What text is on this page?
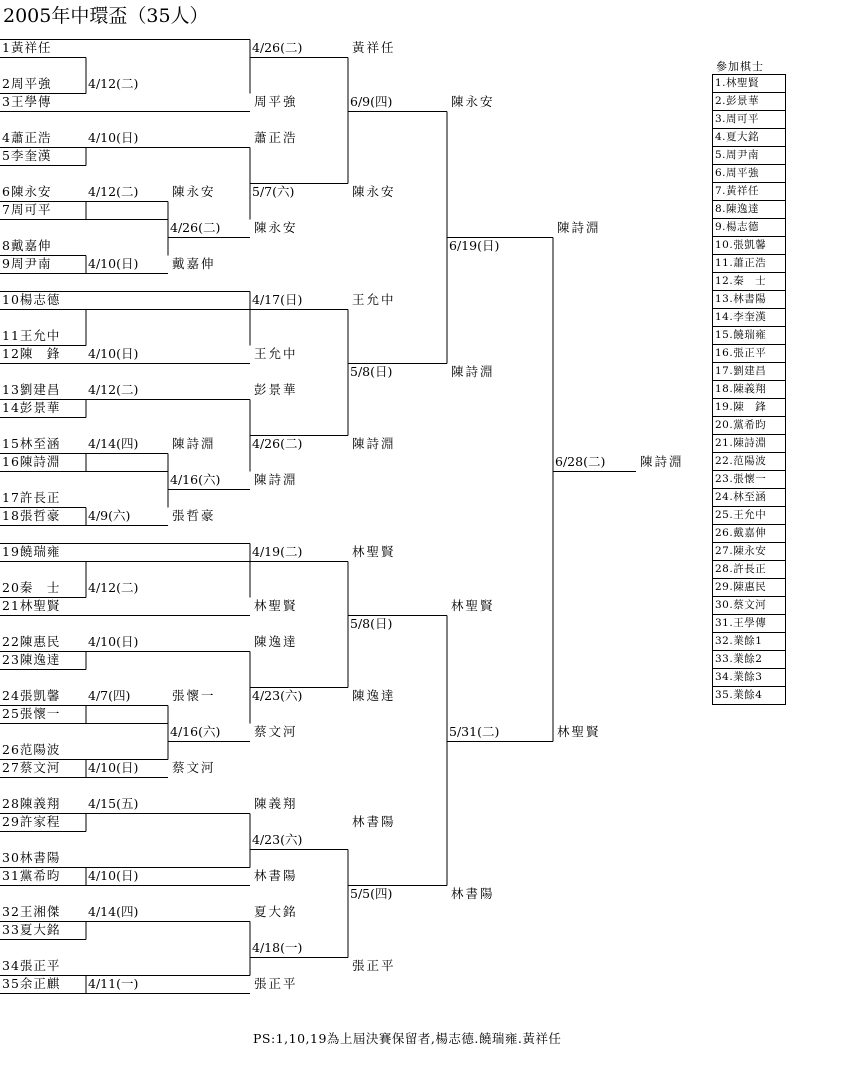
2005年中環盃（35人）
1黃祥任
2周平強
3王學傳
4蕭正浩
5李奎漢
6陳永安
7周可平
8戴嘉伸
9周尹南
10楊志德
11王允中
12陳　鋒
13劉建昌
14彭景華
15林至涵
16陳詩淵
17許長正
18張哲豪
19饒瑞雍
20秦　士
21林聖賢
22陳惠民
23陳逸達
24張凱馨
25張懷一
26范陽波
27蔡文河
28陳義翔
29許家程
30林書陽
31黨希昀
32王湘傑
33夏大銘
34張正平
35余正麒
4/12(二)
4/10(日)
4/12(二)	陳永安
4/10(日)	戴嘉伸
4/10(日)
4/12(二)
4/14(四)	陳詩淵
4/9(六)	張哲豪
4/12(二)
4/10(日)
4/7(四)	張懷一
4/10(日)	蔡文河
4/15(五)
4/10(日)
4/14(四)
4/11(一)
4/26(二)	陳永安
4/16(六)	陳詩淵
4/16(六)	蔡文河
4/26(二)
周平強
蕭正浩
5/7(六)
4/17(日)
王允中
彭景華
4/26(二)
4/19(二)
林聖賢
陳逸達
4/23(六)
陳義翔
4/23(六)
林書陽
夏大銘
4/18(一)
張正平
黃祥任
6/9(四)
陳永安
王允中
5/8(日)
陳詩淵
林聖賢
5/8(日)
陳逸達
林書陽
5/5(四)
張正平
陳永安
6/19(日)
陳詩淵
林聖賢
5/31(二)
林書陽
陳詩淵
6/28(二)
林聖賢
陳詩淵
參加棋士
1.林聖賢
2.彭景華
3.周可平
4.夏大銘
5.周尹南
6.周平強
7.黃祥任
8.陳逸達
9.楊志德
10.張凱馨
11.蕭正浩
12.秦　士
13.林書陽
14.李奎漢
15.饒瑞雍
16.張正平
17.劉建昌
18.陳義翔
19.陳　鋒
20.黨希昀
21.陳詩淵
22.范陽波
23.張懷一
24.林至涵
25.王允中
26.戴嘉伸
27.陳永安
28.許長正
29.陳惠民
30.蔡文河
31.王學傳
32.業餘1
33.業餘2
34.業餘3
35.業餘4
PS:1,10,19為上屆決賽保留者,楊志德.饒瑞雍.黃祥任
